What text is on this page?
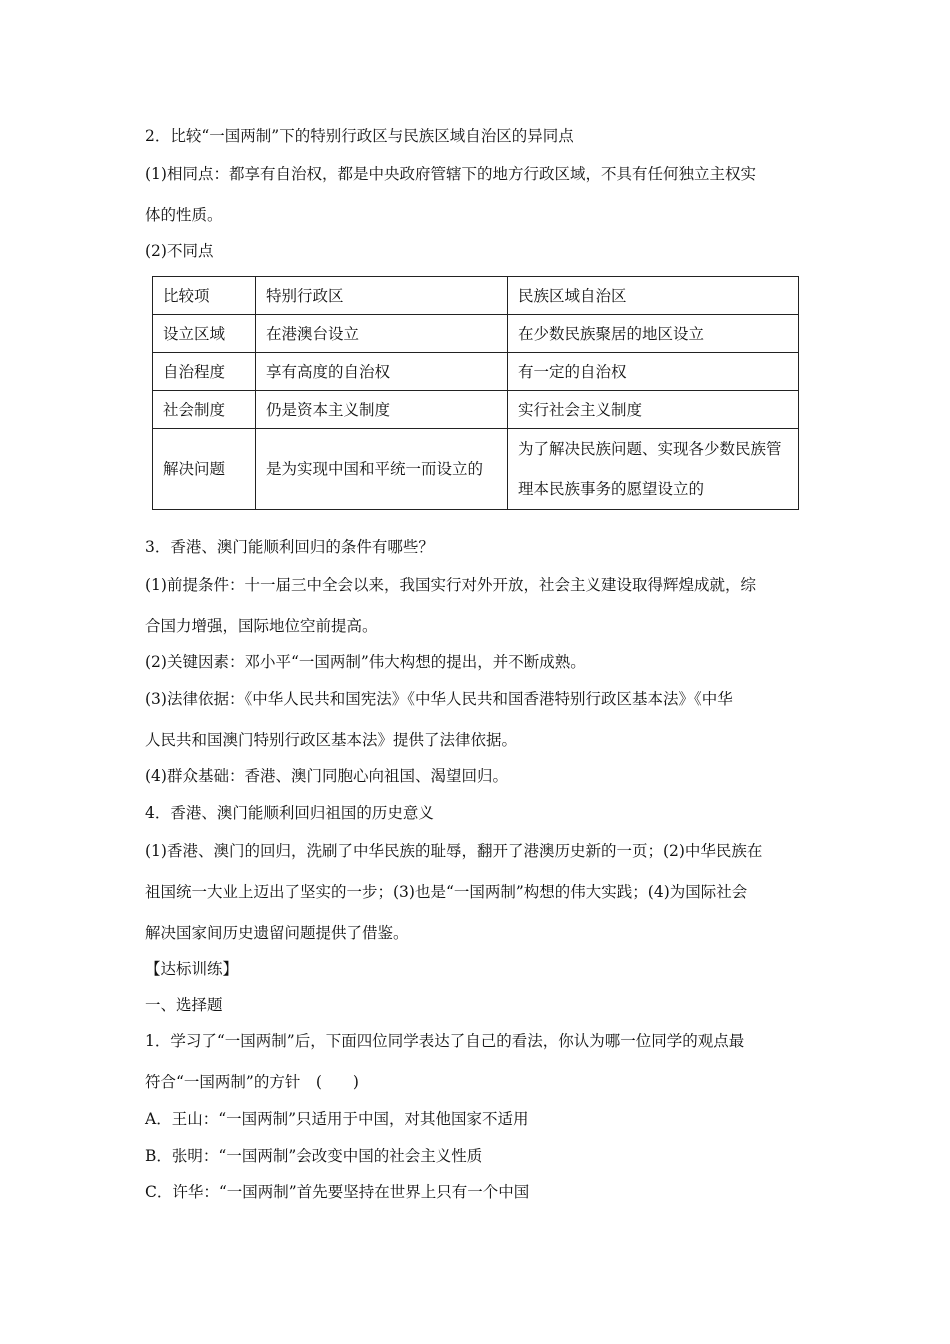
2．比较“一国两制”下的特别行政区与民族区域自治区的异同点
(1)相同点：都享有自治权，都是中央政府管辖下的地方行政区域，不具有任何独立主权实
体的性质。
(2)不同点
比较项	特别行政区	民族区域自治区
设立区域	在港澳台设立	在少数民族聚居的地区设立
自治程度	享有高度的自治权	有一定的自治权
社会制度	仍是资本主义制度	实行社会主义制度
解决问题	是为实现中国和平统一而设立的	为了解决民族问题、实现各少数民族管理本民族事务的愿望设立的
3．香港、澳门能顺利回归的条件有哪些？
(1)前提条件：十一届三中全会以来，我国实行对外开放，社会主义建设取得辉煌成就，综
合国力增强，国际地位空前提高。
(2)关键因素：邓小平“一国两制”伟大构想的提出，并不断成熟。
(3)法律依据：《中华人民共和国宪法》《中华人民共和国香港特别行政区基本法》《中华
人民共和国澳门特别行政区基本法》提供了法律依据。
(4)群众基础：香港、澳门同胞心向祖国、渴望回归。
4．香港、澳门能顺利回归祖国的历史意义
(1)香港、澳门的回归，洗刷了中华民族的耻辱，翻开了港澳历史新的一页；(2)中华民族在
祖国统一大业上迈出了坚实的一步；(3)也是“一国两制”构想的伟大实践；(4)为国际社会
解决国家间历史遗留问题提供了借鉴。
【达标训练】
一、选择题
1．学习了“一国两制”后，下面四位同学表达了自己的看法，你认为哪一位同学的观点最
符合“一国两制”的方针　(　　)
A．王山：“一国两制”只适用于中国，对其他国家不适用
B．张明：“一国两制”会改变中国的社会主义性质
C．许华：“一国两制”首先要坚持在世界上只有一个中国
